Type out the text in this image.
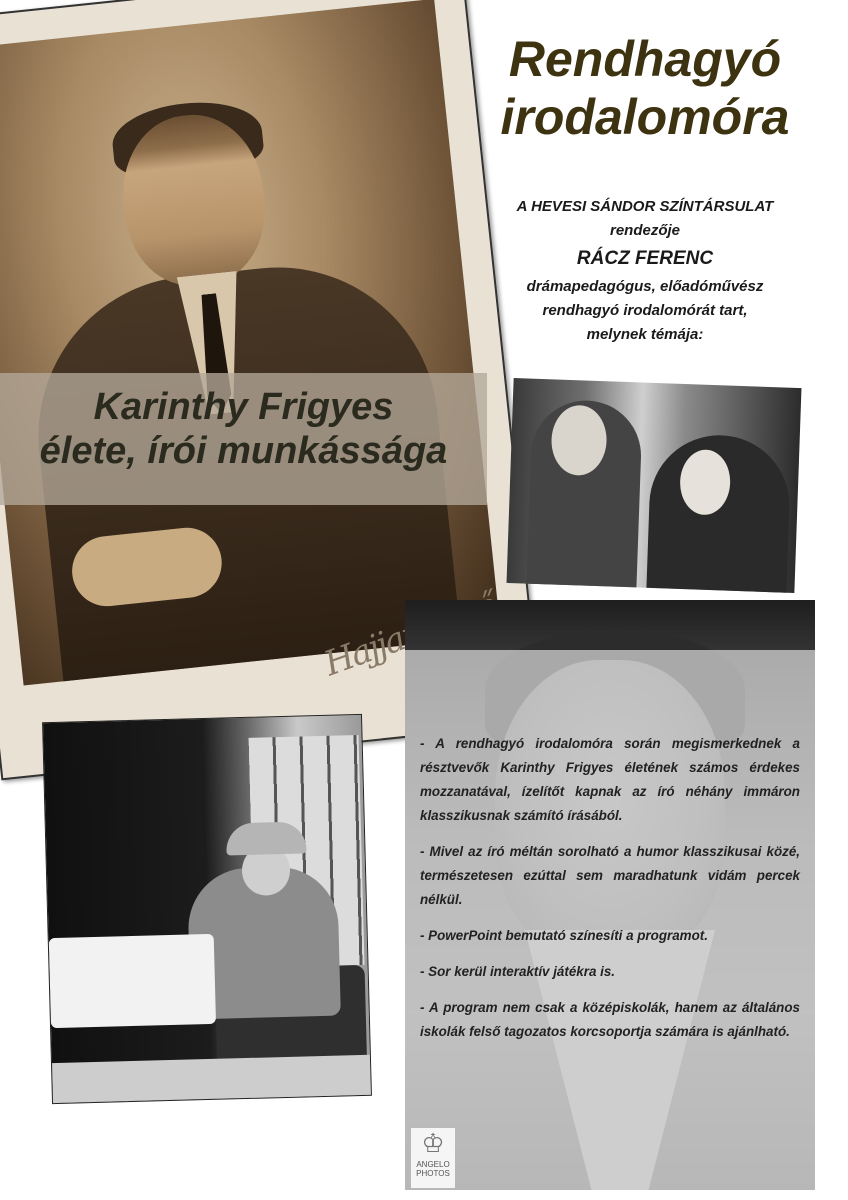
Hajjar
Karinthy Frigyes
élete, írói munkássága
Rendhagyó
irodalomóra
A HEVESI SÁNDOR SZÍNTÁRSULAT
rendezője
RÁCZ FERENC
drámapedagógus, előadóművész
rendhagyó irodalomórát tart,
melynek témája:

- A rendhagyó irodalomóra során megismerkednek a résztvevők Karinthy Frigyes életének számos érdekes mozzanatával, ízelítőt kapnak az író néhány immáron klasszikusnak számító írásából.

- Mivel az író méltán sorolható a humor klasszikusai közé, természetesen ezúttal sem maradhatunk vidám percek nélkül.

- PowerPoint bemutató színesíti a programot.

- Sor kerül interaktív játékra is.

- A program nem csak a középiskolák, hanem az általános iskolák felső tagozatos korcsoportja számára is ajánlható.

♔
ANGELO
PHOTOS
